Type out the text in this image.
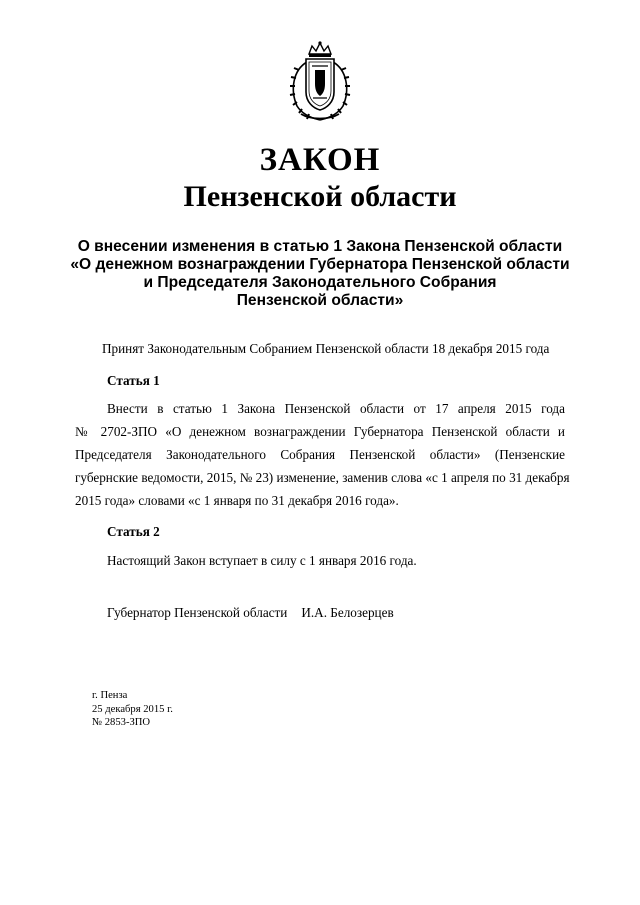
ЗАКОН
Пензенской области
О внесении изменения в статью 1 Закона Пензенской области
«О денежном вознаграждении Губернатора Пензенской области
и Председателя Законодательного Собрания
Пензенской области»
Принят Законодательным Собранием Пензенской области 18 декабря 2015 года
Статья 1
Внести в статью 1 Закона Пензенской области от 17 апреля 2015 года
№ 2702-ЗПО «О денежном вознаграждении Губернатора Пензенской области и
Председателя Законодательного Собрания Пензенской области» (Пензенские
губернские ведомости, 2015, № 23) изменение, заменив слова «с 1 апреля по 31 декабря
2015 года» словами «с 1 января по 31 декабря 2016 года».
Статья 2
Настоящий Закон вступает в силу с 1 января 2016 года.
Губернатор Пензенской области И.А. Белозерцев
г. Пенза
25 декабря 2015 г.
№ 2853-ЗПО
